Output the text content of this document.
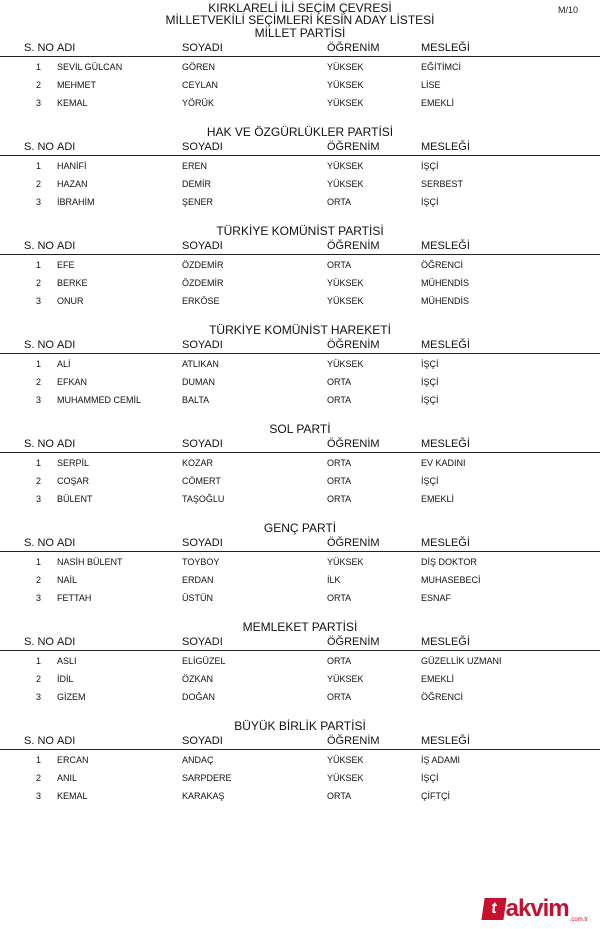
M/10
KIRKLARELİ İLİ SEÇİM ÇEVRESİ
MİLLETVEKİLİ SEÇİMLERİ KESİN ADAY LİSTESİ
MİLLET PARTİSİ
S. NO ADI	SOYADI	ÖĞRENİM	MESLEĞİ
1 SEVİL GÜLCAN	GÖREN	YÜKSEK	EĞİTİMCİ
2 MEHMET	CEYLAN	YÜKSEK	LİSE
3 KEMAL	YÖRÜK	YÜKSEK	EMEKLİ
HAK VE ÖZGÜRLÜKLER PARTİSİ
S. NO ADI	SOYADI	ÖĞRENİM	MESLEĞİ
1 HANİFİ	EREN	YÜKSEK	İŞÇİ
2 HAZAN	DEMİR	YÜKSEK	SERBEST
3 İBRAHİM	ŞENER	ORTA	İŞÇİ
TÜRKİYE KOMÜNİST PARTİSİ
S. NO ADI	SOYADI	ÖĞRENİM	MESLEĞİ
1 EFE	ÖZDEMİR	ORTA	ÖĞRENCİ
2 BERKE	ÖZDEMİR	YÜKSEK	MÜHENDİS
3 ONUR	ERKÖSE	YÜKSEK	MÜHENDİS
TÜRKİYE KOMÜNİST HAREKETİ
S. NO ADI	SOYADI	ÖĞRENİM	MESLEĞİ
1 ALİ	ATLIKAN	YÜKSEK	İŞÇİ
2 EFKAN	DUMAN	ORTA	İŞÇİ
3 MUHAMMED CEMİL	BALTA	ORTA	İŞÇİ
SOL PARTİ
S. NO ADI	SOYADI	ÖĞRENİM	MESLEĞİ
1 SERPİL	KOZAR	ORTA	EV KADINI
2 COŞAR	CÖMERT	ORTA	İŞÇİ
3 BÜLENT	TAŞOĞLU	ORTA	EMEKLİ
GENÇ PARTİ
S. NO ADI	SOYADI	ÖĞRENİM	MESLEĞİ
1 NASİH BÜLENT	TOYBOY	YÜKSEK	DİŞ DOKTOR
2 NAİL	ERDAN	İLK	MUHASEBECİ
3 FETTAH	ÜSTÜN	ORTA	ESNAF
MEMLEKET PARTİSİ
S. NO ADI	SOYADI	ÖĞRENİM	MESLEĞİ
1 ASLI	ELİGÜZEL	ORTA	GÜZELLİK UZMANI
2 İDİL	ÖZKAN	YÜKSEK	EMEKLİ
3 GİZEM	DOĞAN	ORTA	ÖĞRENCİ
BÜYÜK BİRLİK PARTİSİ
S. NO ADI	SOYADI	ÖĞRENİM	MESLEĞİ
1 ERCAN	ANDAÇ	YÜKSEK	İŞ ADAMI
2 ANIL	SARPDERE	YÜKSEK	İŞÇİ
3 KEMAL	KARAKAŞ	ORTA	ÇİFTÇİ
t akvim .com.tr
